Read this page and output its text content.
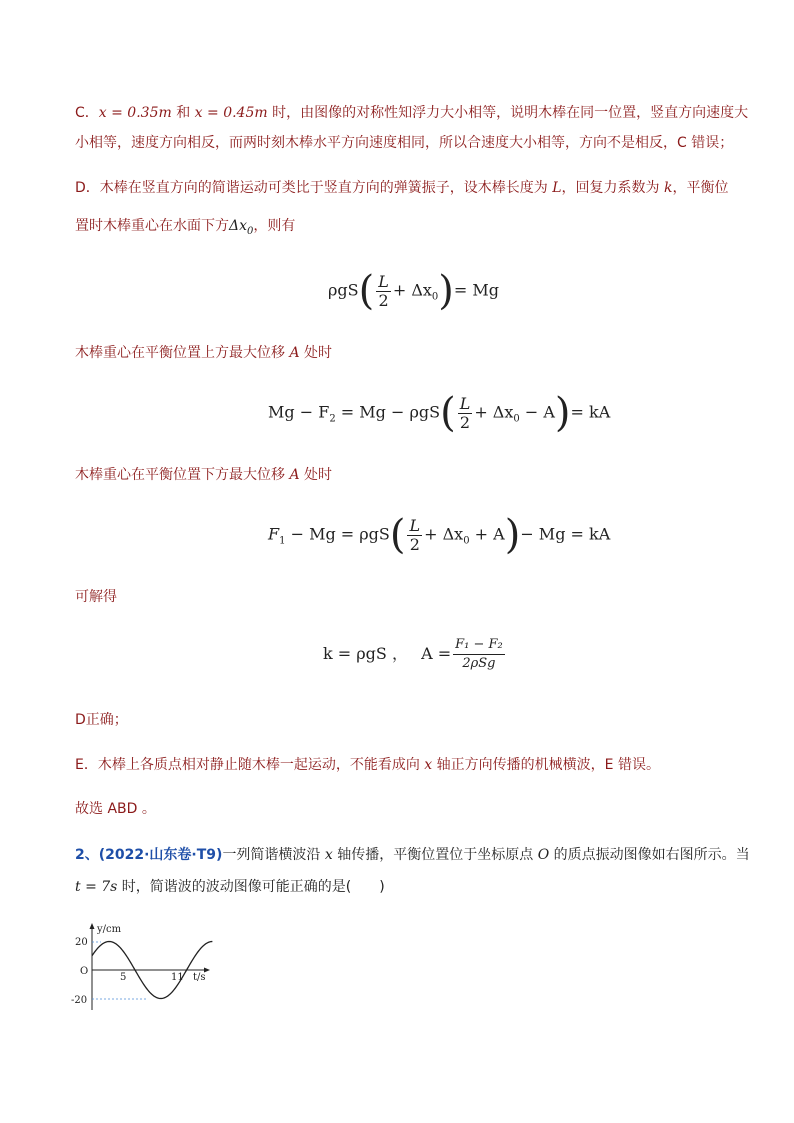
C．x = 0.35m 和 x = 0.45m 时，由图像的对称性知浮力大小相等，说明木棒在同一位置，竖直方向速度大
小相等，速度方向相反，而两时刻木棒水平方向速度相同，所以合速度大小相等，方向不是相反，C 错误；
D．木棒在竖直方向的简谐运动可类比于竖直方向的弹簧振子，设木棒长度为 L，回复力系数为 k，平衡位
置时木棒重心在水面下方$\Delta x_0$，则有
$\rho gS( \frac{L}{2} + \Delta x_0)= Mg$
木棒重心在平衡位置上方最大位移 A 处时
$Mg - F_2 = Mg - \rho gS( \frac{L}{2} + \Delta x_0 - A)=$ kA
木棒重心在平衡位置下方最大位移 A 处时
$F_1 - Mg = \rho gS( \frac{L}{2} + \Delta x_0 + A)- Mg$ = kA
可解得
k = ρgS ， $A = \frac{\text{F₁ − F₂}}{\text{2ρSg}}$
D正确；
E．木棒上各质点相对静止随木棒一起运动，不能看成向 x 轴正方向传播的机械横波，E 错误。
故选 ABD 。
2、(2022·山东卷·T9)一列简谐横波沿 x 轴传播，平衡位置位于坐标原点 O 的质点振动图像如右图所示。当
t = 7s 时，简谐波的波动图像可能正确的是(　　)
y/cm
20
O
-20
5	11 t/s
